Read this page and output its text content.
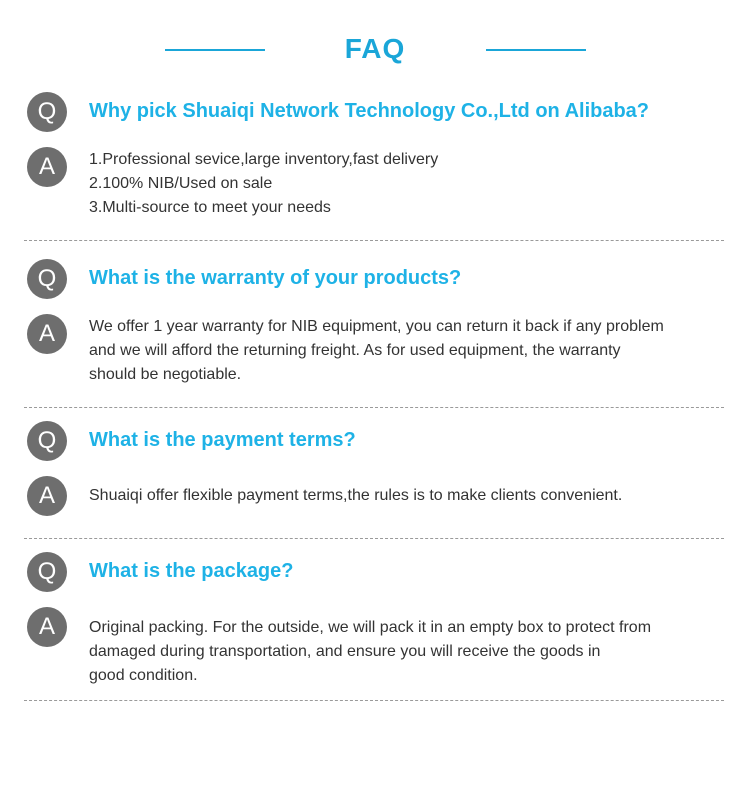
FAQ
Q	Why pick Shuaiqi Network Technology Co.,Ltd on Alibaba?
A	1.Professional sevice,large inventory,fast delivery
2.100% NIB/Used on sale
3.Multi-source to meet your needs
Q	What is the warranty of your products?
A	We offer 1 year warranty for NIB equipment, you can return it back if any problem
and we will afford the returning freight. As for used equipment, the warranty
should be negotiable.
Q	What is the payment terms?
A	Shuaiqi offer flexible payment terms,the rules is to make clients convenient.
Q	What is the package?
A	Original packing. For the outside, we will pack it in an empty box to protect from
damaged during transportation, and ensure you will receive the goods in
good condition.
